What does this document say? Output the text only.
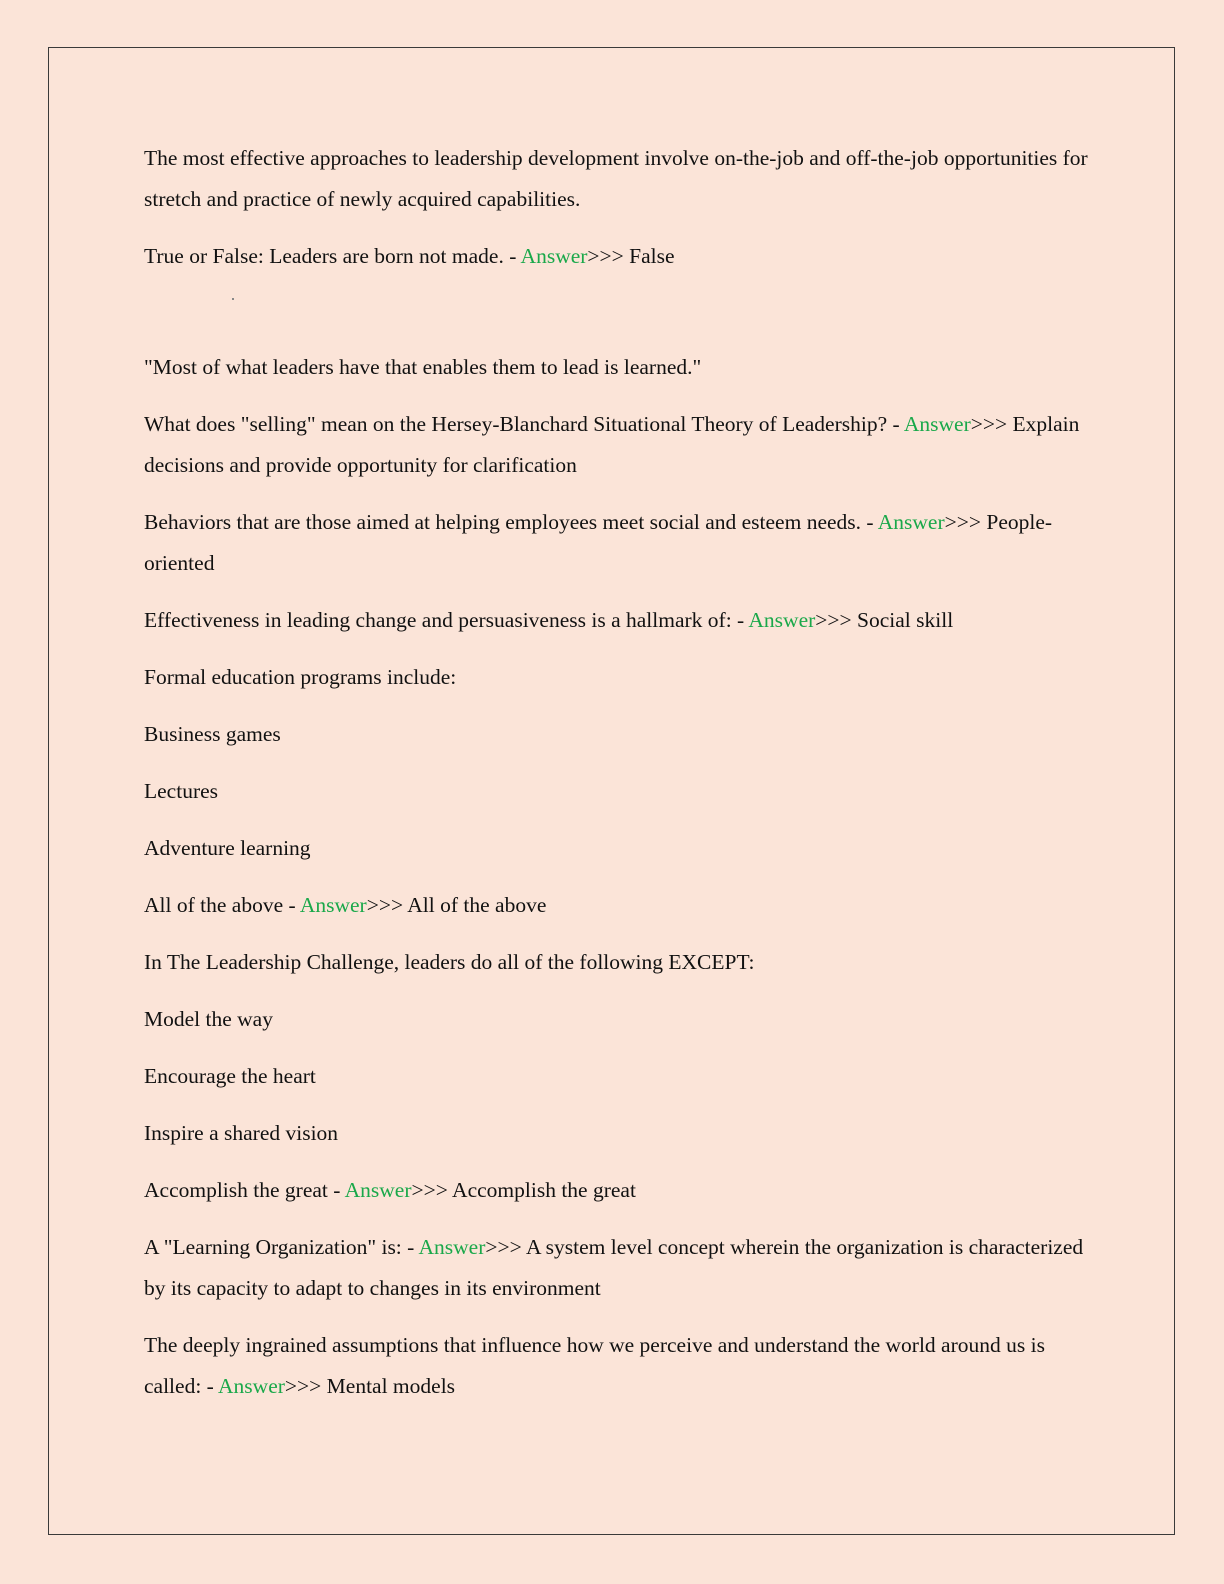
The most effective approaches to leadership development involve on-the-job and off-the-job opportunities for stretch and practice of newly acquired capabilities.

True or False: Leaders are born not made. - Answer>>> False

"Most of what leaders have that enables them to lead is learned."

What does "selling" mean on the Hersey-Blanchard Situational Theory of Leadership? - Answer>>> Explain decisions and provide opportunity for clarification

Behaviors that are those aimed at helping employees meet social and esteem needs. - Answer>>> People-oriented

Effectiveness in leading change and persuasiveness is a hallmark of: - Answer>>> Social skill

Formal education programs include:

Business games

Lectures

Adventure learning

All of the above - Answer>>> All of the above

In The Leadership Challenge, leaders do all of the following EXCEPT:

Model the way

Encourage the heart

Inspire a shared vision

Accomplish the great - Answer>>> Accomplish the great

A "Learning Organization" is: - Answer>>> A system level concept wherein the organization is characterized by its capacity to adapt to changes in its environment

The deeply ingrained assumptions that influence how we perceive and understand the world around us is called: - Answer>>> Mental models
